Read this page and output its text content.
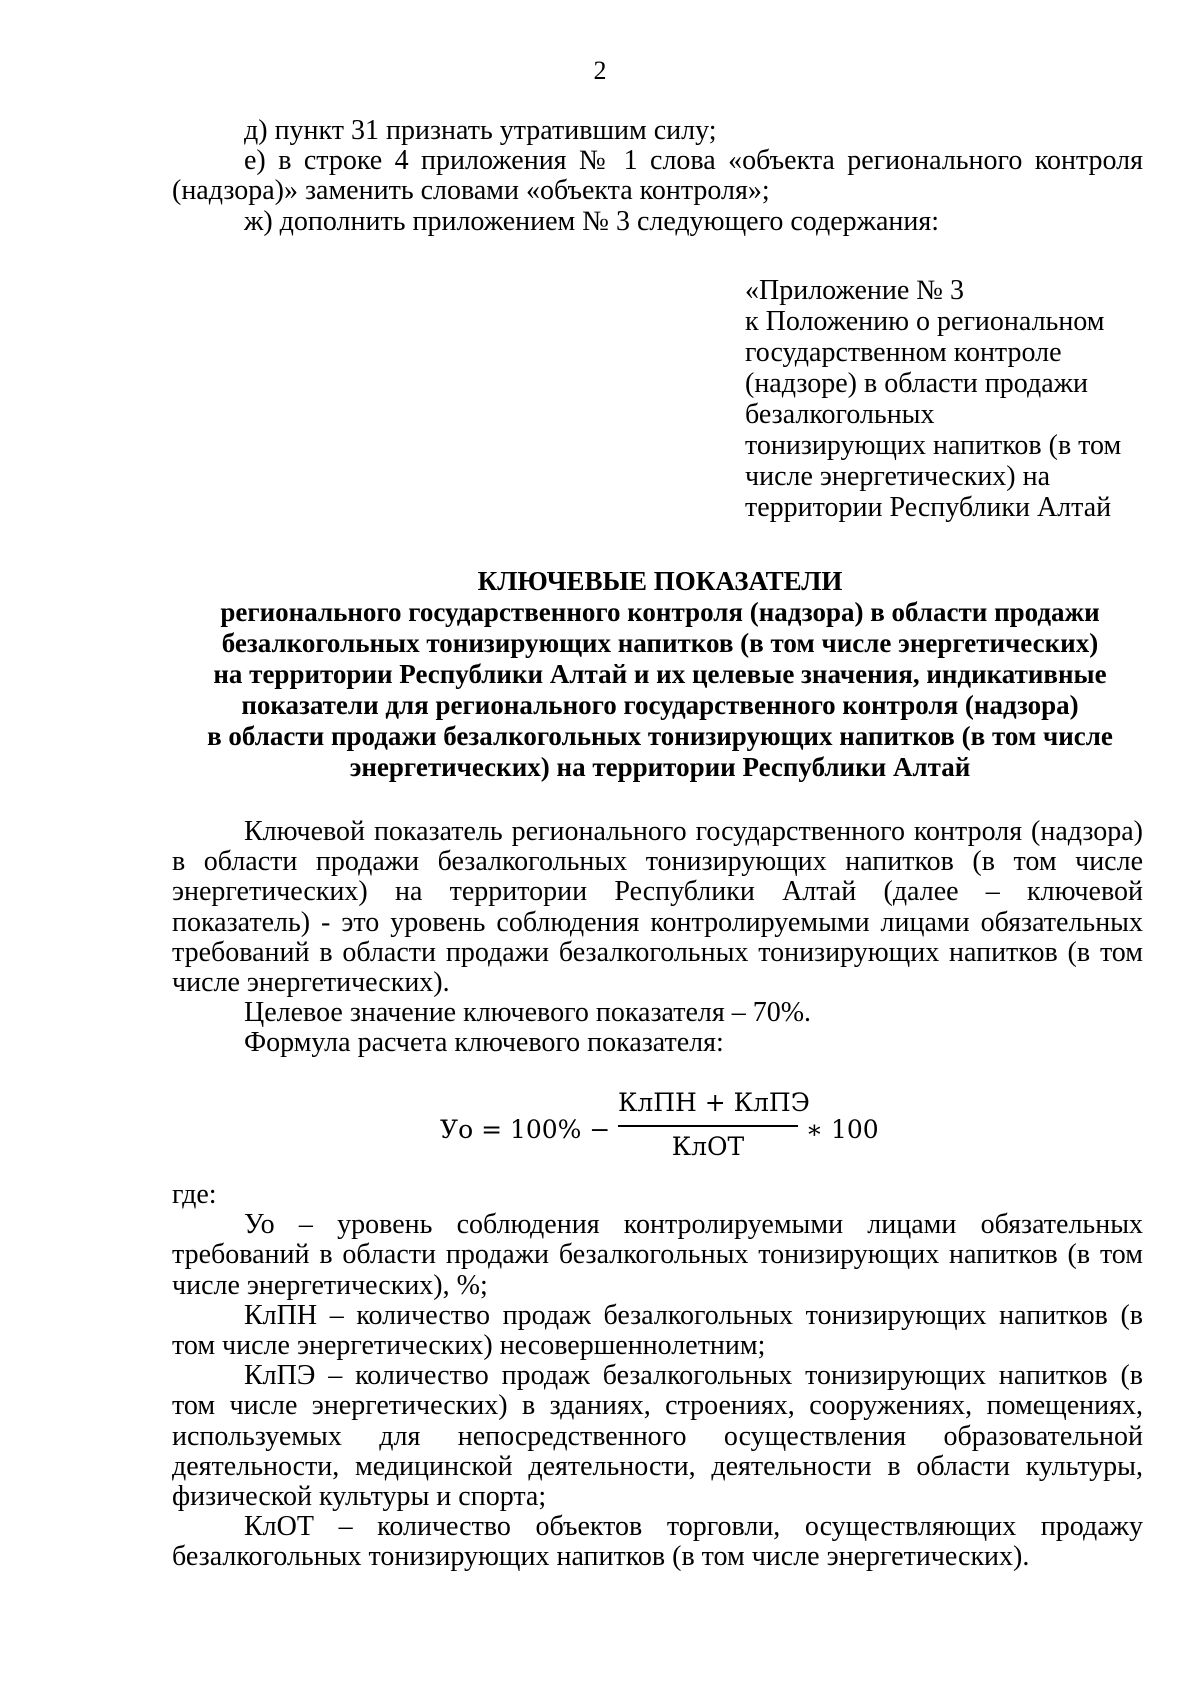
2

д) пункт 31 признать утратившим силу;

е) в строке 4 приложения № 1 слова «объекта регионального контроля (надзора)» заменить словами «объекта контроля»;

ж) дополнить приложением № 3 следующего содержания:

«Приложение № 3
к Положению о региональном
государственном контроле
(надзоре) в области продажи
безалкогольных
тонизирующих напитков (в том
числе энергетических) на
территории Республики Алтай
КЛЮЧЕВЫЕ ПОКАЗАТЕЛИ
регионального государственного контроля (надзора) в области продажи
безалкогольных тонизирующих напитков (в том числе энергетических)
на территории Республики Алтай и их целевые значения, индикативные
показатели для регионального государственного контроля (надзора)
в области продажи безалкогольных тонизирующих напитков (в том числе
энергетических) на территории Республики Алтай

Ключевой показатель регионального государственного контроля (надзора) в области продажи безалкогольных тонизирующих напитков (в том числе энергетических) на территории Республики Алтай (далее – ключевой показатель) - это уровень соблюдения контролируемыми лицами обязательных требований в области продажи безалкогольных тонизирующих напитков (в том числе энергетических).

Целевое значение ключевого показателя – 70%.

Формула расчета ключевого показателя:

Уо = 100% −
КлПН + КлПЭ
КлОТ
∗ 100

где:

Уо – уровень соблюдения контролируемыми лицами обязательных требований в области продажи безалкогольных тонизирующих напитков (в том числе энергетических), %;

КлПН – количество продаж безалкогольных тонизирующих напитков (в том числе энергетических) несовершеннолетним;

КлПЭ – количество продаж безалкогольных тонизирующих напитков (в том числе энергетических) в зданиях, строениях, сооружениях, помещениях, используемых для непосредственного осуществления образовательной деятельности, медицинской деятельности, деятельности в области культуры, физической культуры и спорта;

КлОТ – количество объектов торговли, осуществляющих продажу безалкогольных тонизирующих напитков (в том числе энергетических).
